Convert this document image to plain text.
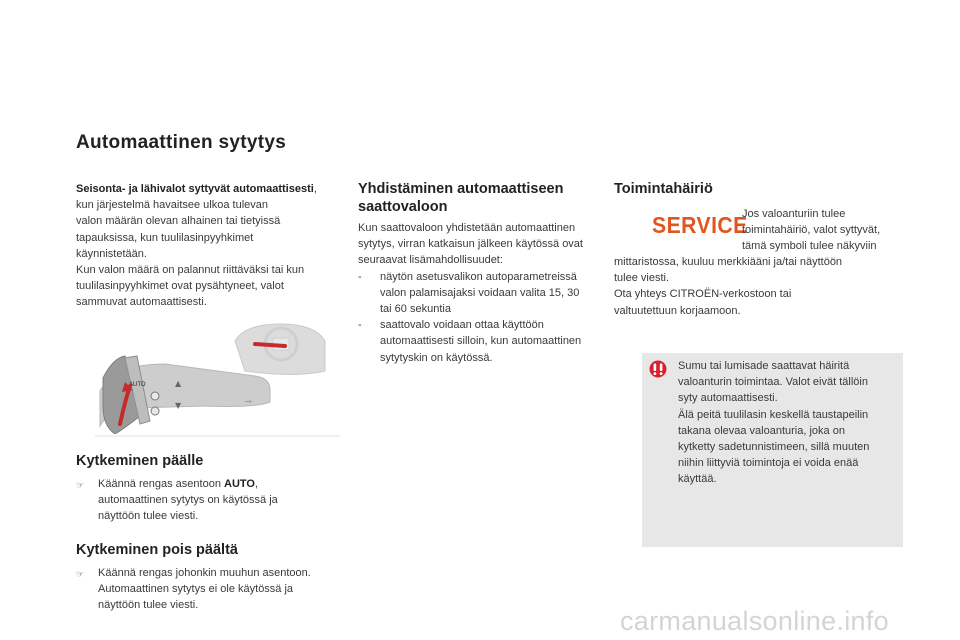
Automaattinen sytytys

Seisonta- ja lähivalot syttyvät automaattisesti,

kun järjestelmä havaitsee ulkoa tulevan

valon määrän olevan alhainen tai tietyissä

tapauksissa, kun tuulilasinpyyhkimet

käynnistetään.

Kun valon määrä on palannut riittäväksi tai kun

tuulilasinpyyhkimet ovat pysähtyneet, valot

sammuvat automaattisesti.

AUTO	▲
▼	⊸
Kytkeminen päälle
☞ Käännä rengas asentoon AUTO,

automaattinen sytytys on käytössä ja

näyttöön tulee viesti.

Kytkeminen pois päältä
☞ Käännä rengas johonkin muuhun asentoon.

Automaattinen sytytys ei ole käytössä ja

näyttöön tulee viesti.

Yhdistäminen automaattiseen
saattovaloon

Kun saattovaloon yhdistetään automaattinen

sytytys, virran katkaisun jälkeen käytössä ovat

seuraavat lisämahdollisuudet:

- näytön asetusvalikon autoparametreissä

valon palamisajaksi voidaan valita 15, 30

tai 60 sekuntia

- saattovalo voidaan ottaa käyttöön

automaattisesti silloin, kun automaattinen

sytytyskin on käytössä.

Toimintahäiriö
SERVICE

Jos valoanturiin tulee

toimintahäiriö, valot syttyvät,

tämä symboli tulee näkyviin

mittaristossa, kuuluu merkkiääni ja/tai näyttöön

tulee viesti.

Ota yhteys CITROËN-verkostoon tai

valtuutettuun korjaamoon.

Sumu tai lumisade saattavat häiritä

valoanturin toimintaa. Valot eivät tällöin

syty automaattisesti.

Älä peitä tuulilasin keskellä taustapeilin

takana olevaa valoanturia, joka on

kytketty sadetunnistimeen, sillä muuten

niihin liittyviä toimintoja ei voida enää

käyttää.

carmanualsonline.info
